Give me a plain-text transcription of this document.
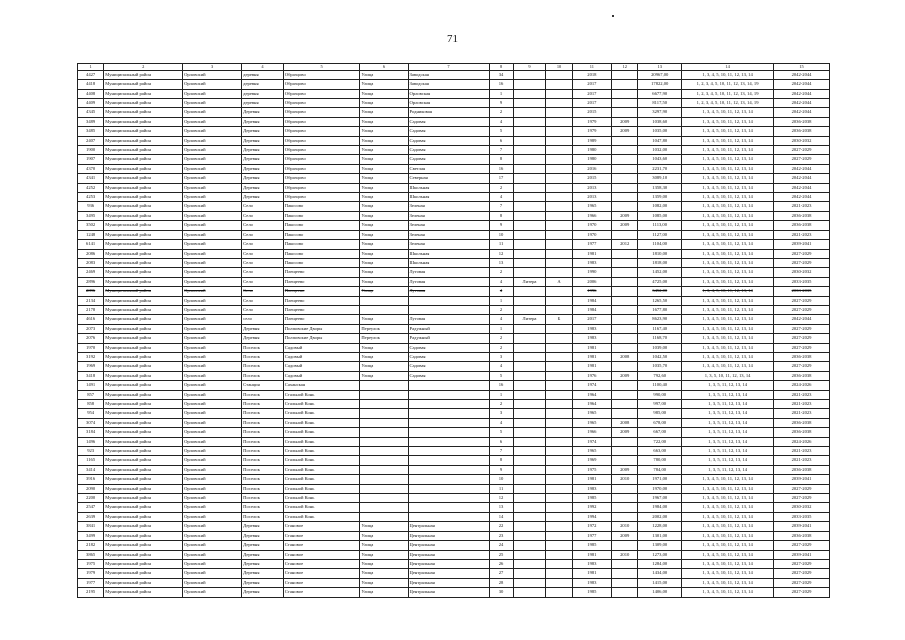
71
1	2	3	4	5	6	7	8	9	10	11	12	13	14	15
4427	Муниципальный район	Орловский	деревня	Образцово	Улица	Заводская	34			2018		20967,00	1, 3, 4, 5, 10, 11, 12, 13, 14	2042-2044
4418	Муниципальный район	Орловский	деревня	Образцово	Улица	Заводская	16			2017		17822,00	1, 2, 3, 4, 5, 10, 11, 12, 13, 14, 19	2042-2044
4408	Муниципальный район	Орловский	деревня	Образцово	Улица	Орловская	1			2017		6677,90	1, 2, 3, 4, 5, 10, 11, 12, 13, 14, 19	2042-2044
4409	Муниципальный район	Орловский	деревня	Образцово	Улица	Орловская	9			2017		8117,50	1, 2, 3, 4, 5, 10, 11, 12, 13, 14, 19	2042-2044
4345	Муниципальный район	Орловский	Деревня	Образцово	Улица	Родниковая	2			2015		3297,90	1, 3, 4, 5, 10, 11, 12, 13, 14	2042-2044
3489	Муниципальный район	Орловский	Деревня	Образцово	Улица	Садовая	4			1979	2009	1038,60	1, 3, 4, 5, 10, 11, 12, 13, 14	2036-2038
3485	Муниципальный район	Орловский	Деревня	Образцово	Улица	Садовая	5			1979	2009	1035,00	1, 3, 4, 5, 10, 11, 12, 13, 14	2036-2038
2407	Муниципальный район	Орловский	Деревня	Образцово	Улица	Садовая	6			1989		1047,80	1, 3, 4, 5, 10, 11, 12, 13, 14	2030-2032
1900	Муниципальный район	Орловский	Деревня	Образцово	Улица	Садовая	7			1980		1032,00	1, 3, 4, 5, 10, 11, 12, 13, 14	2027-2029
1907	Муниципальный район	Орловский	Деревня	Образцово	Улица	Садовая	8			1980		1043,60	1, 3, 4, 5, 10, 11, 12, 13, 14	2027-2029
4370	Муниципальный район	Орловский	Деревня	Образцово	Улица	Светлая	16			2016		2231,70	1, 3, 4, 5, 10, 11, 12, 13, 14	2042-2044
4341	Муниципальный район	Орловский	Деревня	Образцово	Улица	Северная	17			2015		3089,10	1, 3, 4, 5, 10, 11, 12, 13, 14	2042-2044
4252	Муниципальный район	Орловский	Деревня	Образцово	Улица	Школьная	2			2013		1358,30	1, 3, 4, 5, 10, 11, 12, 13, 14	2042-2044
4253	Муниципальный район	Орловский	Деревня	Образцово	Улица	Школьная	4			2013		1359,00	1, 3, 4, 5, 10, 11, 12, 13, 14	2042-2044
936	Муниципальный район	Орловский	Село	Пакосово	Улица	Зеленая	7			1965		1082,00	1, 3, 4, 5, 10, 11, 12, 13, 14	2021-2023
3495	Муниципальный район	Орловский	Село	Пакосово	Улица	Зеленая	8			1966	2009	1085,00	1, 3, 4, 5, 10, 11, 12, 13, 14	2036-2038
3502	Муниципальный район	Орловский	Село	Пакосово	Улица	Зеленая	9			1970	2009	1113,00	1, 3, 4, 5, 10, 11, 12, 13, 14	2036-2038
1248	Муниципальный район	Орловский	Село	Пакосово	Улица	Зеленая	10			1970		1127,00	1, 3, 4, 5, 10, 11, 12, 13, 14	2021-2023
6141	Муниципальный район	Орловский	Село	Пакосово	Улица	Зеленая	11			1977	2012	1104,00	1, 3, 4, 5, 10, 11, 12, 13, 14	2039-2041
2086	Муниципальный район	Орловский	Село	Пакосово	Улица	Школьная	12			1981		1810,00	1, 3, 4, 5, 10, 11, 12, 13, 14	2027-2029
2083	Муниципальный район	Орловский	Село	Пакосово	Улица	Школьная	13			1983		1818,00	1, 3, 4, 5, 10, 11, 12, 13, 14	2027-2029
2469	Муниципальный район	Орловский	Село	Плещеево	Улица	Луговая	2			1990		1452,00	1, 3, 4, 5, 10, 11, 12, 13, 14	2030-2032
2896	Муниципальный район	Орловский	Село	Плещеево	Улица	Луговая	4	Литера	А	2006		4725,00	1, 3, 4, 5, 10, 11, 12, 13, 14	2033-2035
2896	Муниципальный район	Орловский	Село	Плещеево	Улица	Луговая	4			1996		3452,00	1, 3, 4, 5, 10, 11, 12, 13, 14	2033-2035
2134	Муниципальный район	Орловский	Село	Плещеево			1			1984		1265,50	1, 3, 4, 5, 10, 11, 12, 13, 14	2027-2029
2178	Муниципальный район	Орловский	Село	Плещеево			2			1984		1677,80	1, 3, 4, 5, 10, 11, 12, 13, 14	2027-2029
4616	Муниципальный район	Орловский	село	Плещеево	Улица	Луговая	4	Литера	Б	2017		8623,90	1, 3, 4, 5, 10, 11, 12, 13, 14	2042-2044
2073	Муниципальный район	Орловский	Деревня	Полповские Дворы	Переулок	Радужный	1			1983		1167,40	1, 3, 4, 5, 10, 11, 12, 13, 14	2027-2029
2076	Муниципальный район	Орловский	Деревня	Полповские Дворы	Переулок	Радужный	2			1983		1168,70	1, 3, 4, 5, 10, 11, 12, 13, 14	2027-2029
1970	Муниципальный район	Орловский	Поселок	Садовый	Улица	Садовая	2			1981		1039,00	1, 3, 4, 5, 10, 11, 12, 13, 14	2027-2029
3192	Муниципальный район	Орловский	Поселок	Садовый	Улица	Садовая	3			1981	2008	1042,50	1, 3, 4, 5, 10, 11, 12, 13, 14	2036-2038
1969	Муниципальный район	Орловский	Поселок	Садовый	Улица	Садовая	4			1981		1035,70	1, 3, 4, 5, 10, 11, 12, 13, 14	2027-2029
3418	Муниципальный район	Орловский	Поселок	Садовый	Улица	Садовая	5			1976	2009	792,60	1, 3, 5, 10, 11, 12, 13, 14	2036-2038
1491	Муниципальный район	Орловский	Станция	Саханская			16			1974		1100,40	1, 3, 5, 11, 12, 13, 14	2024-2026
857	Муниципальный район	Орловский	Поселок	Стальной Конь			1			1964		990,00	1, 3, 5, 11, 12, 13, 14	2021-2023
858	Муниципальный район	Орловский	Поселок	Стальной Конь			2			1964		997,00	1, 3, 5, 11, 12, 13, 14	2021-2023
954	Муниципальный район	Орловский	Поселок	Стальной Конь			3			1965		985,00	1, 3, 5, 11, 12, 13, 14	2021-2023
3074	Муниципальный район	Орловский	Поселок	Стальной Конь			4			1965	2008	678,00	1, 3, 5, 11, 12, 13, 14	2036-2038
3184	Муниципальный район	Орловский	Поселок	Стальной Конь			5			1966	2009	667,00	1, 3, 5, 11, 12, 13, 14	2036-2038
1496	Муниципальный район	Орловский	Поселок	Стальной Конь			6			1974		722,00	1, 3, 5, 11, 12, 13, 14	2024-2026
923	Муниципальный район	Орловский	Поселок	Стальной Конь			7			1965		663,00	1, 3, 5, 11, 12, 13, 14	2021-2023
1165	Муниципальный район	Орловский	Поселок	Стальной Конь			8			1969		780,00	1, 3, 5, 11, 12, 13, 14	2021-2023
3414	Муниципальный район	Орловский	Поселок	Стальной Конь			9			1975	2009	784,00	1, 3, 5, 11, 12, 13, 14	2036-2038
3916	Муниципальный район	Орловский	Поселок	Стальной Конь			10			1981	2010	1971,00	1, 3, 4, 5, 10, 11, 12, 13, 14	2039-2041
2090	Муниципальный район	Орловский	Поселок	Стальной Конь			11			1983		1970,00	1, 3, 4, 5, 10, 11, 12, 13, 14	2027-2029
2200	Муниципальный район	Орловский	Поселок	Стальной Конь			12			1985		1967,00	1, 3, 4, 5, 10, 11, 12, 13, 14	2027-2029
2547	Муниципальный район	Орловский	Поселок	Стальной Конь			13			1992		1984,00	1, 3, 4, 5, 10, 11, 12, 13, 14	2030-2032
2639	Муниципальный район	Орловский	Поселок	Стальной Конь			14			1994		2002,00	1, 3, 4, 5, 10, 11, 12, 13, 14	2033-2035
3841	Муниципальный район	Орловский	Деревня	Становое	Улица	Центральная	22			1972	2010	1228,00	1, 3, 4, 5, 10, 11, 12, 13, 14	2039-2041
3499	Муниципальный район	Орловский	Деревня	Становое	Улица	Центральная	23			1977	2009	1301,00	1, 3, 4, 5, 10, 11, 12, 13, 14	2036-2038
2182	Муниципальный район	Орловский	Деревня	Становое	Улица	Центральная	24			1985		1309,00	1, 3, 4, 5, 10, 11, 12, 13, 14	2027-2029
3865	Муниципальный район	Орловский	Деревня	Становое	Улица	Центральная	25			1981	2010	1273,00	1, 3, 4, 5, 10, 11, 12, 13, 14	2039-2041
1975	Муниципальный район	Орловский	Деревня	Становое	Улица	Центральная	26			1983		1284,00	1, 3, 4, 5, 10, 11, 12, 13, 14	2027-2029
1979	Муниципальный район	Орловский	Деревня	Становое	Улица	Центральная	27			1981		1434,00	1, 3, 4, 5, 10, 11, 12, 13, 14	2027-2029
1977	Муниципальный район	Орловский	Деревня	Становое	Улица	Центральная	28			1983		1415,00	1, 3, 4, 5, 10, 11, 12, 13, 14	2027-2029
2195	Муниципальный район	Орловский	Деревня	Становое	Улица	Центральная	30			1985		1406,00	1, 3, 4, 5, 10, 11, 12, 13, 14	2027-2029
